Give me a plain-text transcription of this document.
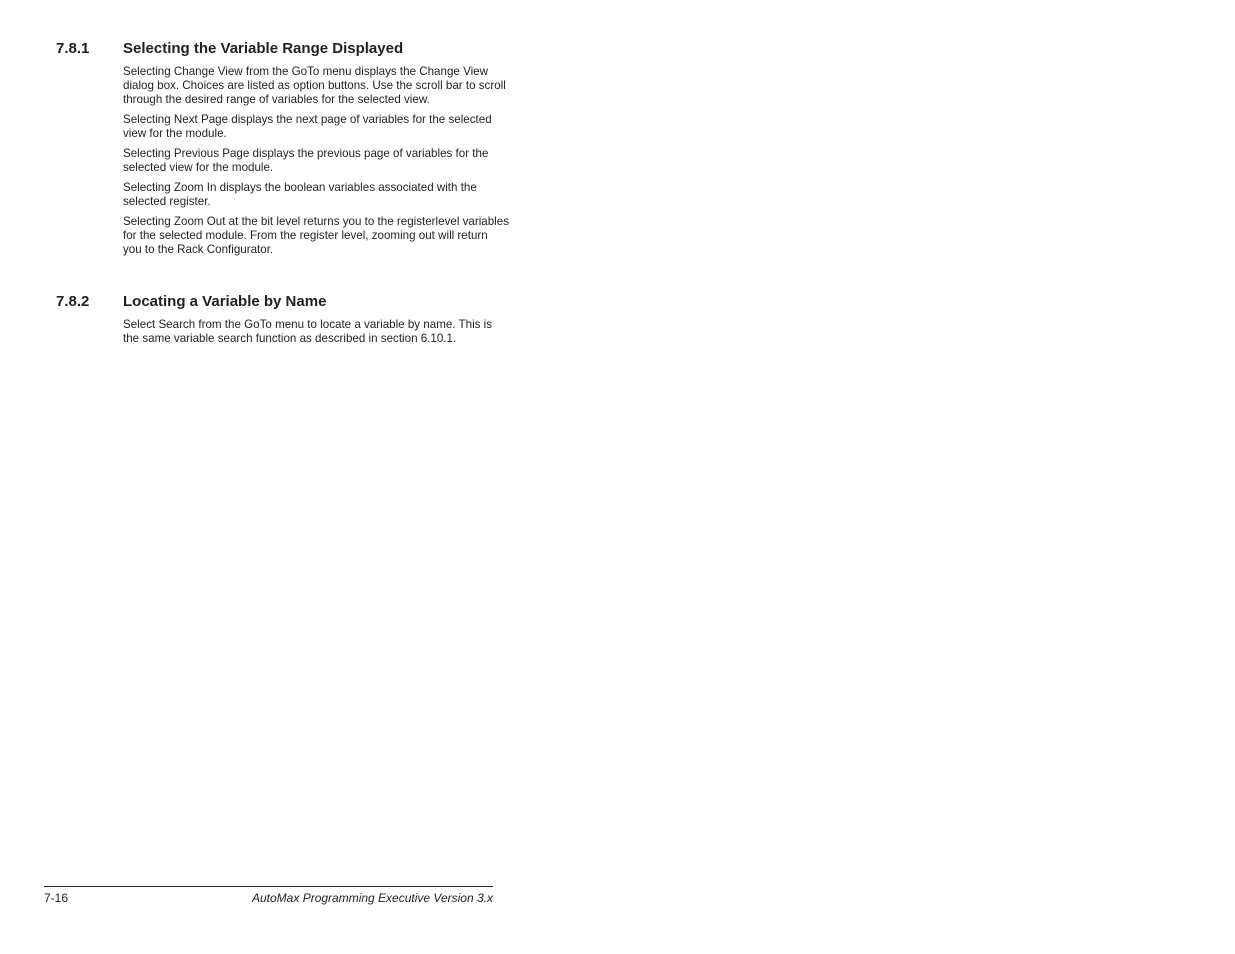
7.8.1	Selecting the Variable Range Displayed

Selecting Change View from the GoTo menu displays the Change View dialog box. Choices are listed as option buttons. Use the scroll bar to scroll through the desired range of variables for the selected view.

Selecting Next Page displays the next page of variables for the selected view for the module.

Selecting Previous Page displays the previous page of variables for the selected view for the module.

Selecting Zoom In displays the boolean variables associated with the selected register.

Selecting Zoom Out at the bit level returns you to the registerlevel variables for the selected module. From the register level, zooming out will return you to the Rack Configurator.

7.8.2	Locating a Variable by Name

Select Search from the GoTo menu to locate a variable by name. This is the same variable search function as described in section 6.10.1.

7-16	AutoMax Programming Executive Version 3.x
